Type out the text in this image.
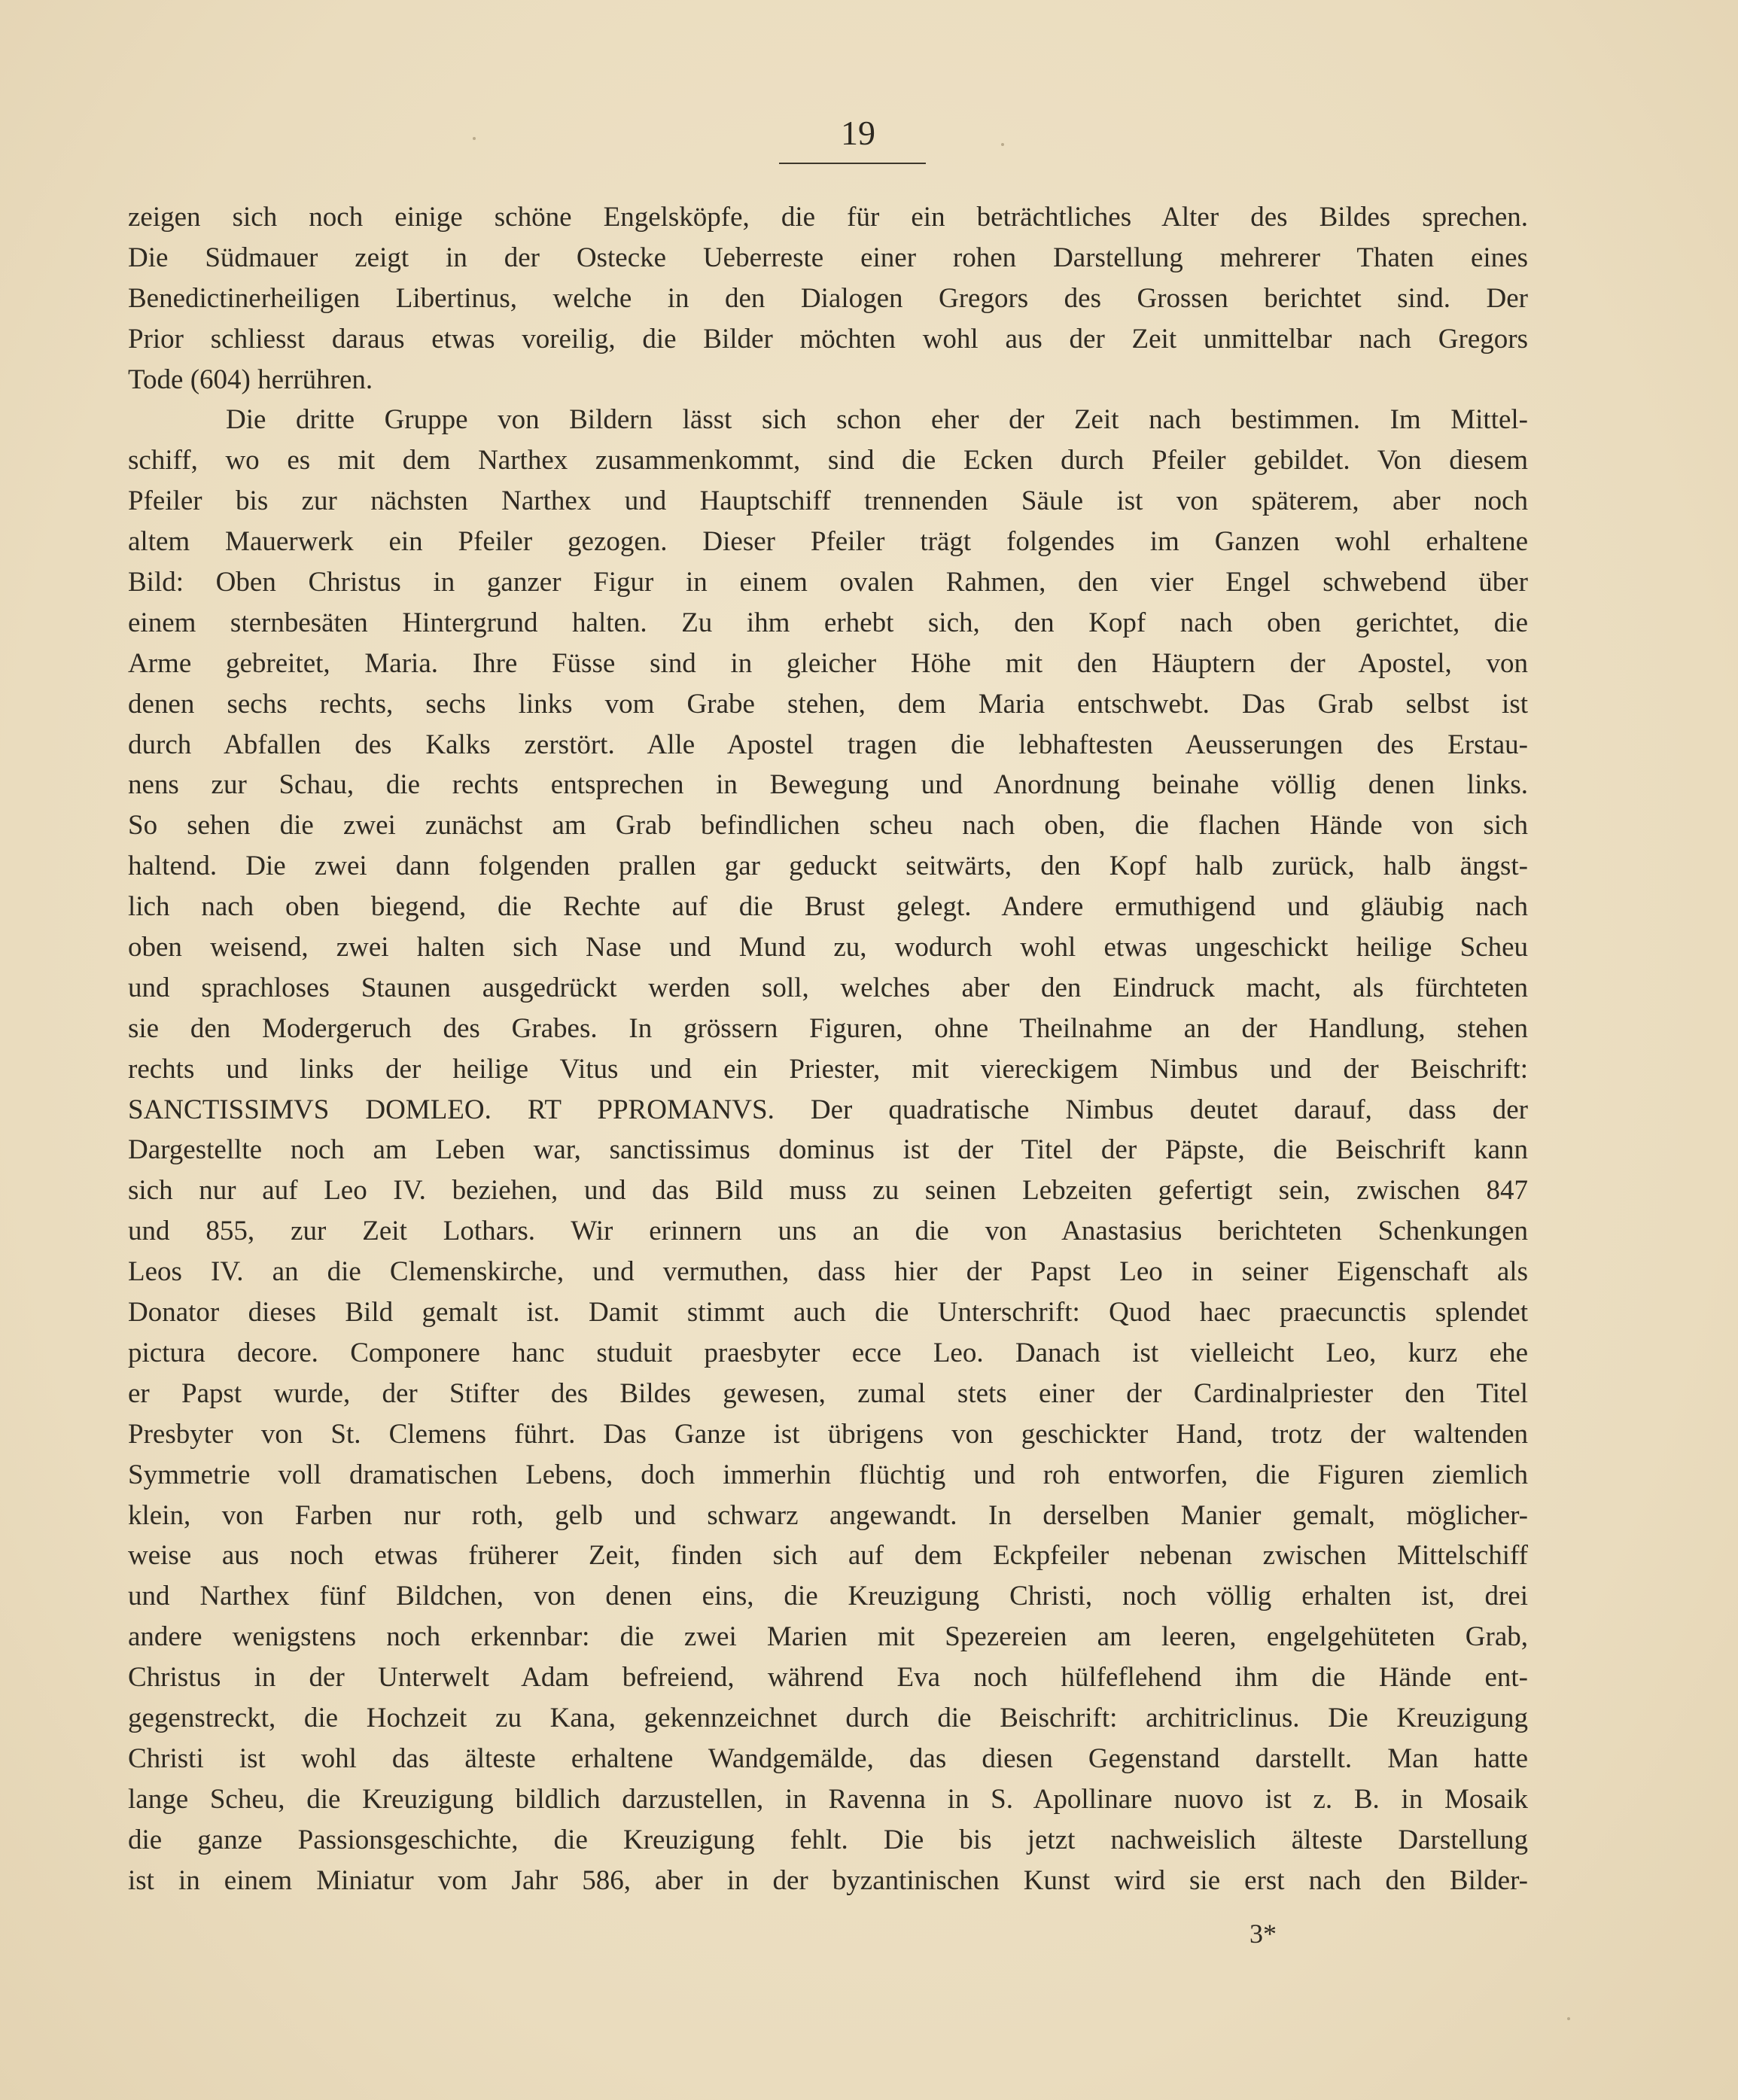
19

zeigen sich noch einige schöne Engelsköpfe, die für ein beträchtliches Alter des Bildes sprechen.
Die Südmauer zeigt in der Ostecke Ueberreste einer rohen Darstellung mehrerer Thaten eines
Benedictinerheiligen Libertinus, welche in den Dialogen Gregors des Grossen berichtet sind. Der
Prior schliesst daraus etwas voreilig, die Bilder möchten wohl aus der Zeit unmittelbar nach Gregors
Tode (604) herrühren.
Die dritte Gruppe von Bildern lässt sich schon eher der Zeit nach bestimmen. Im Mittel-
schiff, wo es mit dem Narthex zusammenkommt, sind die Ecken durch Pfeiler gebildet. Von diesem
Pfeiler bis zur nächsten Narthex und Hauptschiff trennenden Säule ist von späterem, aber noch
altem Mauerwerk ein Pfeiler gezogen. Dieser Pfeiler trägt folgendes im Ganzen wohl erhaltene
Bild: Oben Christus in ganzer Figur in einem ovalen Rahmen, den vier Engel schwebend über
einem sternbesäten Hintergrund halten. Zu ihm erhebt sich, den Kopf nach oben gerichtet, die
Arme gebreitet, Maria. Ihre Füsse sind in gleicher Höhe mit den Häuptern der Apostel, von
denen sechs rechts, sechs links vom Grabe stehen, dem Maria entschwebt. Das Grab selbst ist
durch Abfallen des Kalks zerstört. Alle Apostel tragen die lebhaftesten Aeusserungen des Erstau-
nens zur Schau, die rechts entsprechen in Bewegung und Anordnung beinahe völlig denen links.
So sehen die zwei zunächst am Grab befindlichen scheu nach oben, die flachen Hände von sich
haltend. Die zwei dann folgenden prallen gar geduckt seitwärts, den Kopf halb zurück, halb ängst-
lich nach oben biegend, die Rechte auf die Brust gelegt. Andere ermuthigend und gläubig nach
oben weisend, zwei halten sich Nase und Mund zu, wodurch wohl etwas ungeschickt heilige Scheu
und sprachloses Staunen ausgedrückt werden soll, welches aber den Eindruck macht, als fürchteten
sie den Modergeruch des Grabes. In grössern Figuren, ohne Theilnahme an der Handlung, stehen
rechts und links der heilige Vitus und ein Priester, mit viereckigem Nimbus und der Beischrift:
SANCTISSIMVS DOMLEO. RT PPROMANVS. Der quadratische Nimbus deutet darauf, dass der
Dargestellte noch am Leben war, sanctissimus dominus ist der Titel der Päpste, die Beischrift kann
sich nur auf Leo IV. beziehen, und das Bild muss zu seinen Lebzeiten gefertigt sein, zwischen 847
und 855, zur Zeit Lothars. Wir erinnern uns an die von Anastasius berichteten Schenkungen
Leos IV. an die Clemenskirche, und vermuthen, dass hier der Papst Leo in seiner Eigenschaft als
Donator dieses Bild gemalt ist. Damit stimmt auch die Unterschrift: Quod haec praecunctis splendet
pictura decore. Componere hanc studuit praesbyter ecce Leo. Danach ist vielleicht Leo, kurz ehe
er Papst wurde, der Stifter des Bildes gewesen, zumal stets einer der Cardinalpriester den Titel
Presbyter von St. Clemens führt. Das Ganze ist übrigens von geschickter Hand, trotz der waltenden
Symmetrie voll dramatischen Lebens, doch immerhin flüchtig und roh entworfen, die Figuren ziemlich
klein, von Farben nur roth, gelb und schwarz angewandt. In derselben Manier gemalt, möglicher-
weise aus noch etwas früherer Zeit, finden sich auf dem Eckpfeiler nebenan zwischen Mittelschiff
und Narthex fünf Bildchen, von denen eins, die Kreuzigung Christi, noch völlig erhalten ist, drei
andere wenigstens noch erkennbar: die zwei Marien mit Spezereien am leeren, engelgehüteten Grab,
Christus in der Unterwelt Adam befreiend, während Eva noch hülfeflehend ihm die Hände ent-
gegenstreckt, die Hochzeit zu Kana, gekennzeichnet durch die Beischrift: architriclinus. Die Kreuzigung
Christi ist wohl das älteste erhaltene Wandgemälde, das diesen Gegenstand darstellt. Man hatte
lange Scheu, die Kreuzigung bildlich darzustellen, in Ravenna in S. Apollinare nuovo ist z. B. in Mosaik
die ganze Passionsgeschichte, die Kreuzigung fehlt. Die bis jetzt nachweislich älteste Darstellung
ist in einem Miniatur vom Jahr 586, aber in der byzantinischen Kunst wird sie erst nach den Bilder-

3*
